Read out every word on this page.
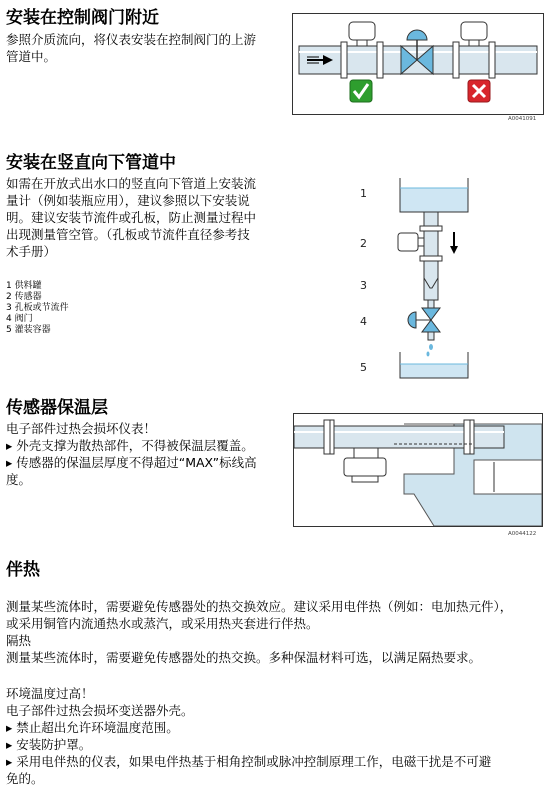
安装在控制阀门附近
参照介质流向，将仪表安装在控制阀门的上游
管道中。
A0041091
安装在竖直向下管道中
如需在开放式出水口的竖直向下管道上安装流
量计（例如装瓶应用），建议参照以下安装说
明。建议安装节流件或孔板，防止测量过程中
出现测量管空管。（孔板或节流件直径参考技
术手册）
1 供料罐
2 传感器
3 孔板或节流件
4 阀门
5 灌装容器
1
2
3
4
5
传感器保温层
电子部件过热会损坏仪表！
▸ 外壳支撑为散热部件，不得被保温层覆盖。
▸ 传感器的保温层厚度不得超过“MAX”标线高
度。
A0044122
伴热
测量某些流体时，需要避免传感器处的热交换效应。建议采用电伴热（例如：电加热元件），
或采用铜管内流通热水或蒸汽，或采用热夹套进行伴热。
隔热
测量某些流体时，需要避免传感器处的热交换。多种保温材料可选，以满足隔热要求。
环境温度过高！
电子部件过热会损坏变送器外壳。
▸ 禁止超出允许环境温度范围。
▸ 安装防护罩。
▸ 采用电伴热的仪表，如果电伴热基于相角控制或脉冲控制原理工作，电磁干扰是不可避
免的。
